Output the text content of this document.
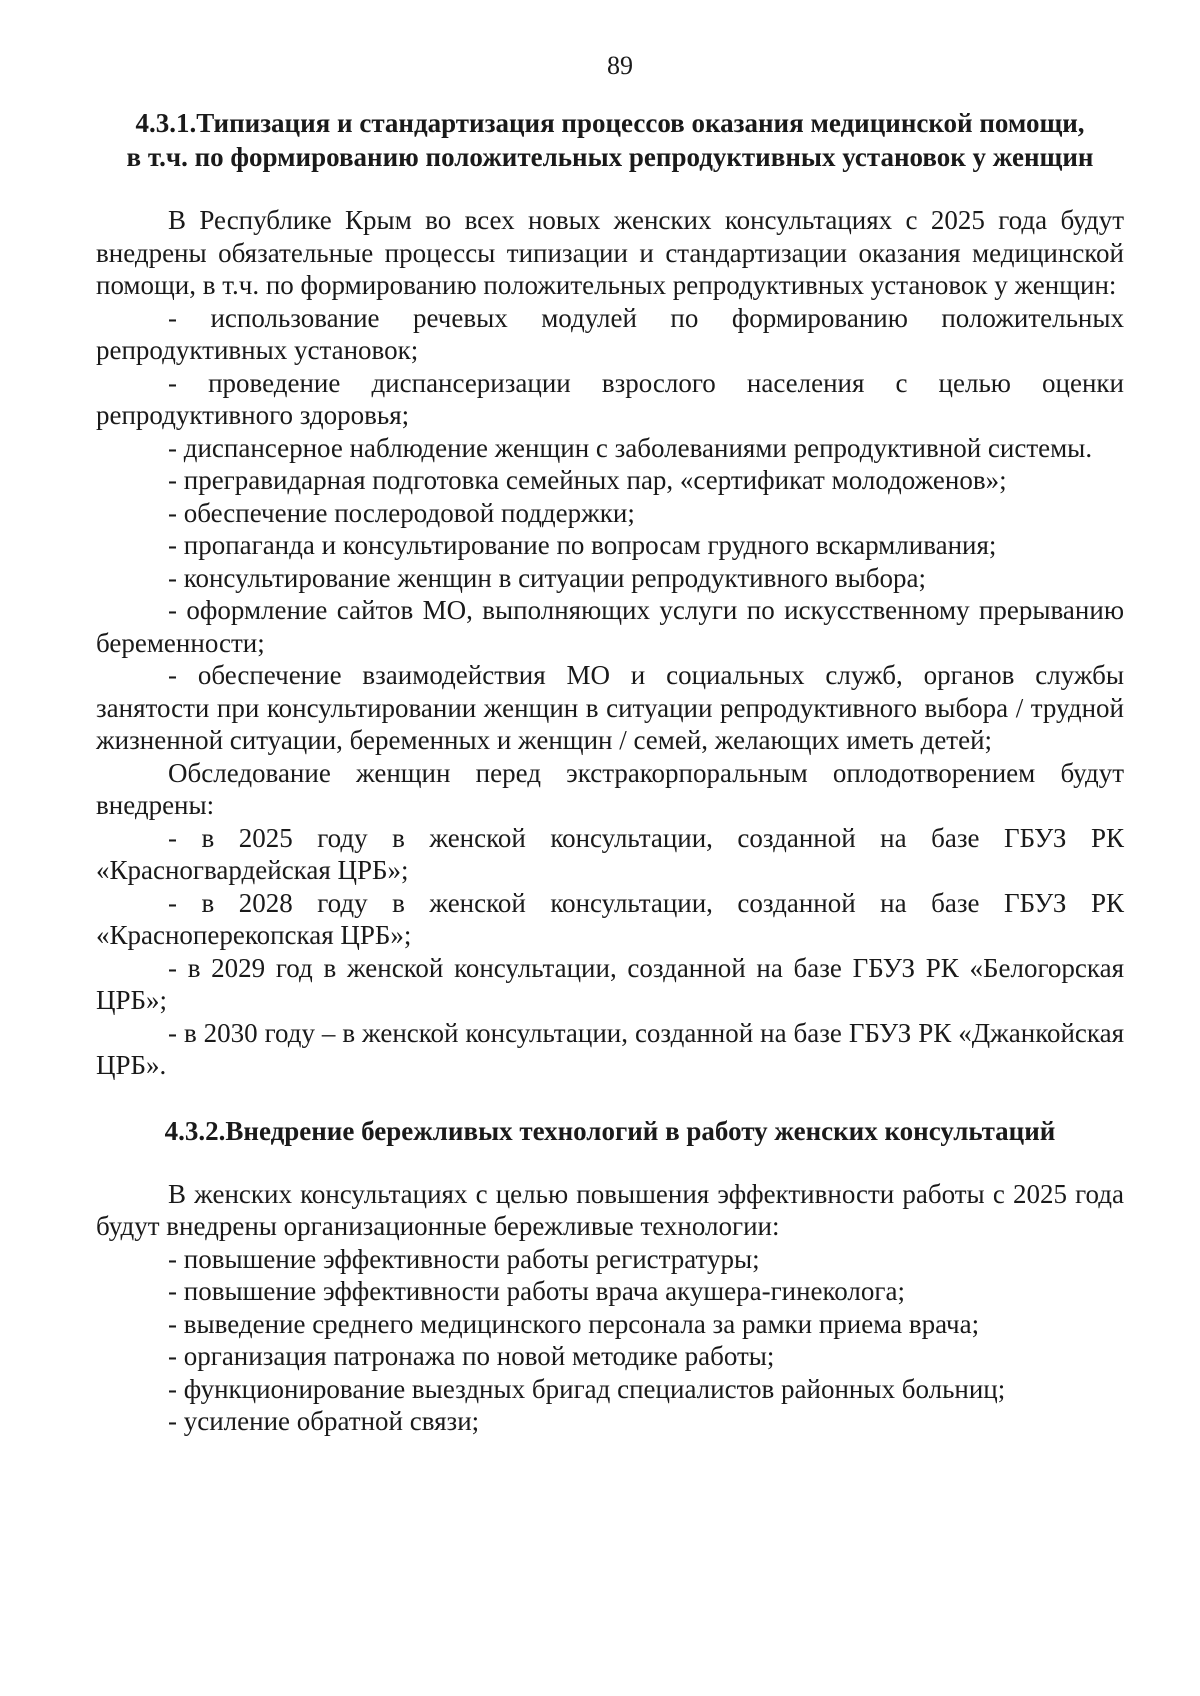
89
4.3.1.Типизация и стандартизация процессов оказания медицинской помощи,
в т.ч. по формированию положительных репродуктивных установок у женщин

В Республике Крым во всех новых женских консультациях с 2025 года будут внедрены обязательные процессы типизации и стандартизации оказания медицинской помощи, в т.ч. по формированию положительных репродуктивных установок у женщин:

- использование речевых модулей по формированию положительных репродуктивных установок;

- проведение диспансеризации взрослого населения с целью оценки репродуктивного здоровья;

- диспансерное наблюдение женщин с заболеваниями репродуктивной системы.

- прегравидарная подготовка семейных пар, «сертификат молодоженов»;

- обеспечение послеродовой поддержки;

- пропаганда и консультирование по вопросам грудного вскармливания;

- консультирование женщин в ситуации репродуктивного выбора;

- оформление сайтов МО, выполняющих услуги по искусственному прерыванию беременности;

- обеспечение взаимодействия МО и социальных служб, органов службы занятости при консультировании женщин в ситуации репродуктивного выбора / трудной жизненной ситуации, беременных и женщин / семей, желающих иметь детей;

Обследование женщин перед экстракорпоральным оплодотворением будут внедрены:

- в 2025 году в женской консультации, созданной на базе ГБУЗ РК «Красногвардейская ЦРБ»;

- в 2028 году в женской консультации, созданной на базе ГБУЗ РК «Красноперекопская ЦРБ»;

- в 2029 год в женской консультации, созданной на базе ГБУЗ РК «Белогорская ЦРБ»;

- в 2030 году – в женской консультации, созданной на базе ГБУЗ РК «Джанкойская ЦРБ».

4.3.2.Внедрение бережливых технологий в работу женских консультаций

В женских консультациях с целью повышения эффективности работы с 2025 года будут внедрены организационные бережливые технологии:

- повышение эффективности работы регистратуры;

- повышение эффективности работы врача акушера-гинеколога;

- выведение среднего медицинского персонала за рамки приема врача;

- организация патронажа по новой методике работы;

- функционирование выездных бригад специалистов районных больниц;

- усиление обратной связи;
